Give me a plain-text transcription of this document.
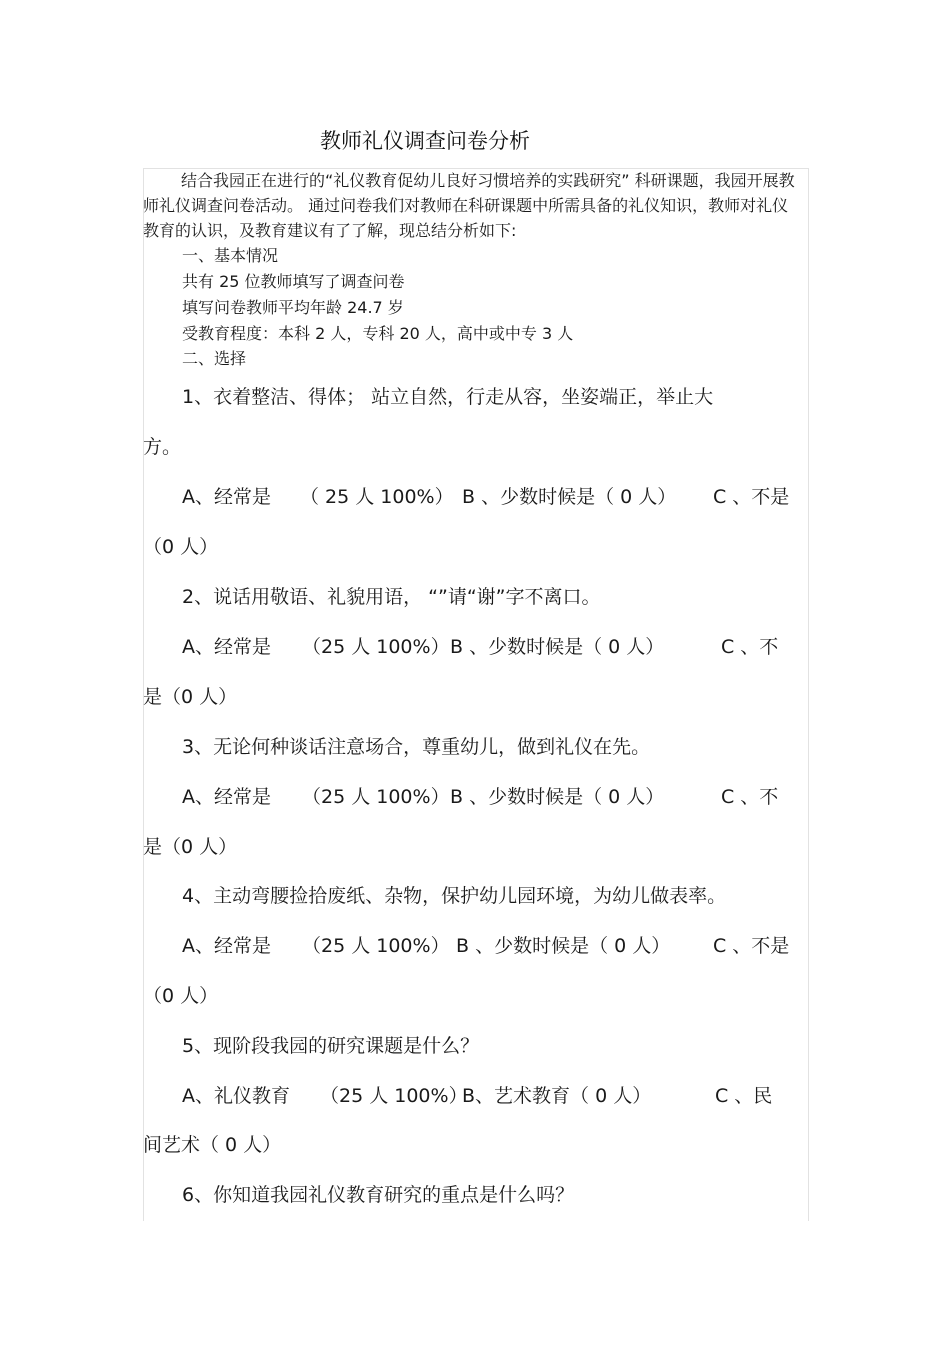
教师礼仪调查问卷分析

结合我园正在进行的“礼仪教育促幼儿良好习惯培养的实践研究” 科研课题，我园开展教师礼仪调查问卷活动。 通过问卷我们对教师在科研课题中所需具备的礼仪知识，教师对礼仪教育的认识，及教育建议有了了解，现总结分析如下:

一、基本情况
共有 25 位教师填写了调查问卷
填写问卷教师平均年龄 24.7 岁
受教育程度：本科 2 人，专科 20 人，高中或中专 3 人
二、选择
1、衣着整洁、得体； 站立自然，行走从容，坐姿端正，举止大
方。
A、经常是 （ 25 人 100%） B 、少数时候是（ 0 人） C 、不是
（0 人）
2、说话用敬语、礼貌用语， “”请“谢”字不离口。
A、经常是 （25 人 100%） B 、少数时候是（ 0 人）	C 、不
是（0 人）
3、无论何种谈话注意场合，尊重幼儿，做到礼仪在先。
A、经常是 （25 人 100%） B 、少数时候是（ 0 人）	C 、不
是（0 人）
4、主动弯腰捡拾废纸、杂物，保护幼儿园环境，为幼儿做表率。
A、经常是 （25 人 100%） B 、少数时候是（ 0 人） C 、不是
（0 人）
5、现阶段我园的研究课题是什么？
A、礼仪教育 （25 人 100%）
B、艺术教育（ 0 人）	C 、民
间艺术（ 0 人）
6、你知道我园礼仪教育研究的重点是什么吗？
